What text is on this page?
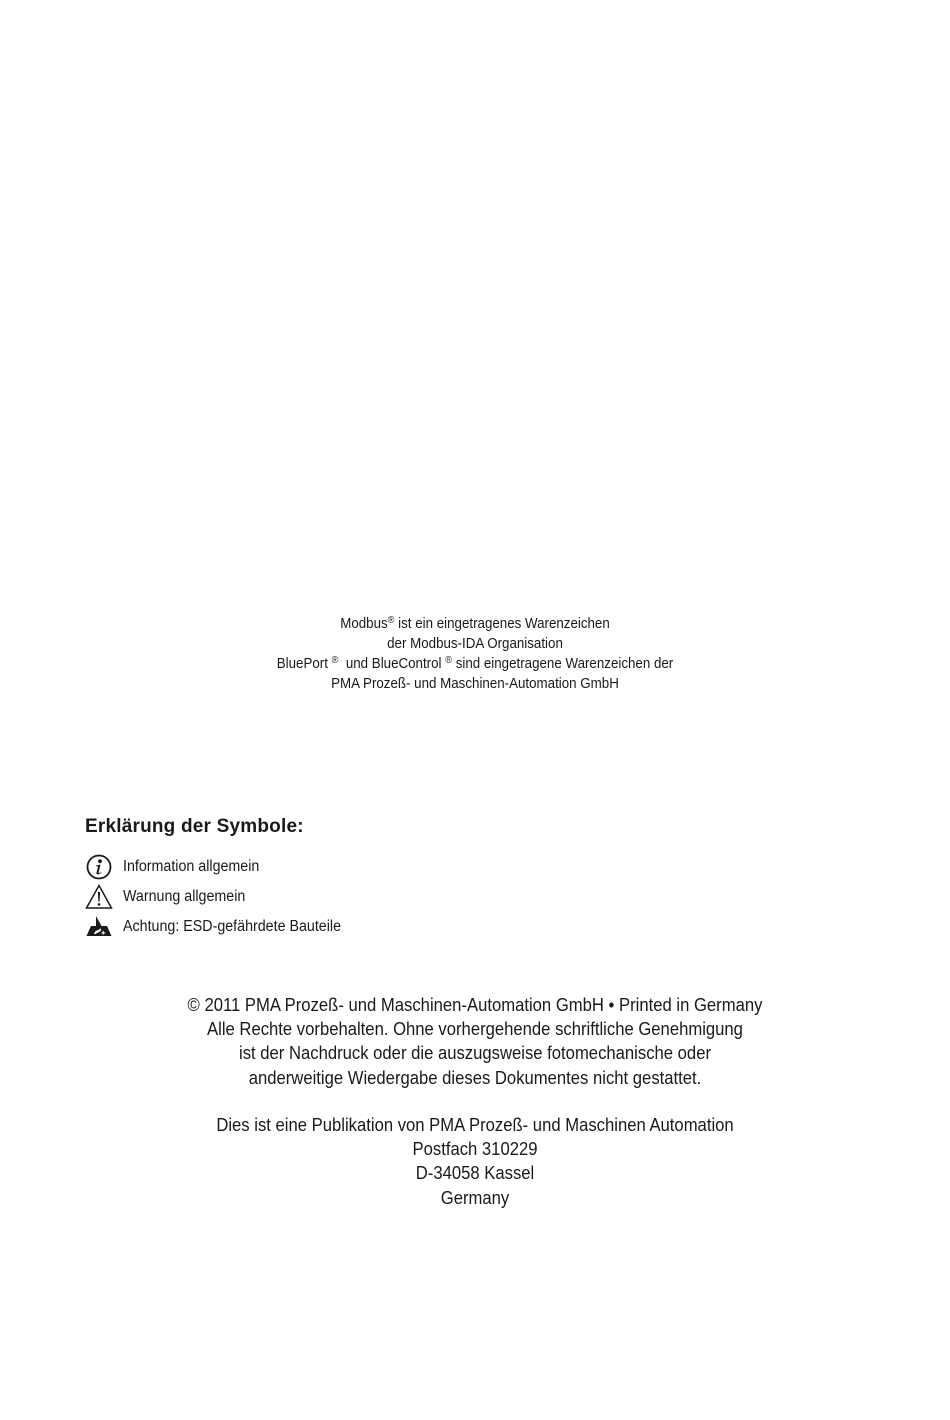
Modbus® ist ein eingetragenes Warenzeichen
der Modbus-IDA Organisation
BluePort ®  und BlueControl ® sind eingetragene Warenzeichen der
PMA Prozeß- und Maschinen-Automation GmbH
Erklärung der Symbole:
Information allgemein
Warnung allgemein
Achtung: ESD-gefährdete Bauteile
© 2011 PMA Prozeß- und Maschinen-Automation GmbH • Printed in Germany
Alle Rechte vorbehalten. Ohne vorhergehende schriftliche Genehmigung
ist der Nachdruck oder die auszugsweise fotomechanische oder
anderweitige Wiedergabe dieses Dokumentes nicht gestattet.
Dies ist eine Publikation von PMA Prozeß- und Maschinen Automation
Postfach 310229
D-34058 Kassel
Germany
